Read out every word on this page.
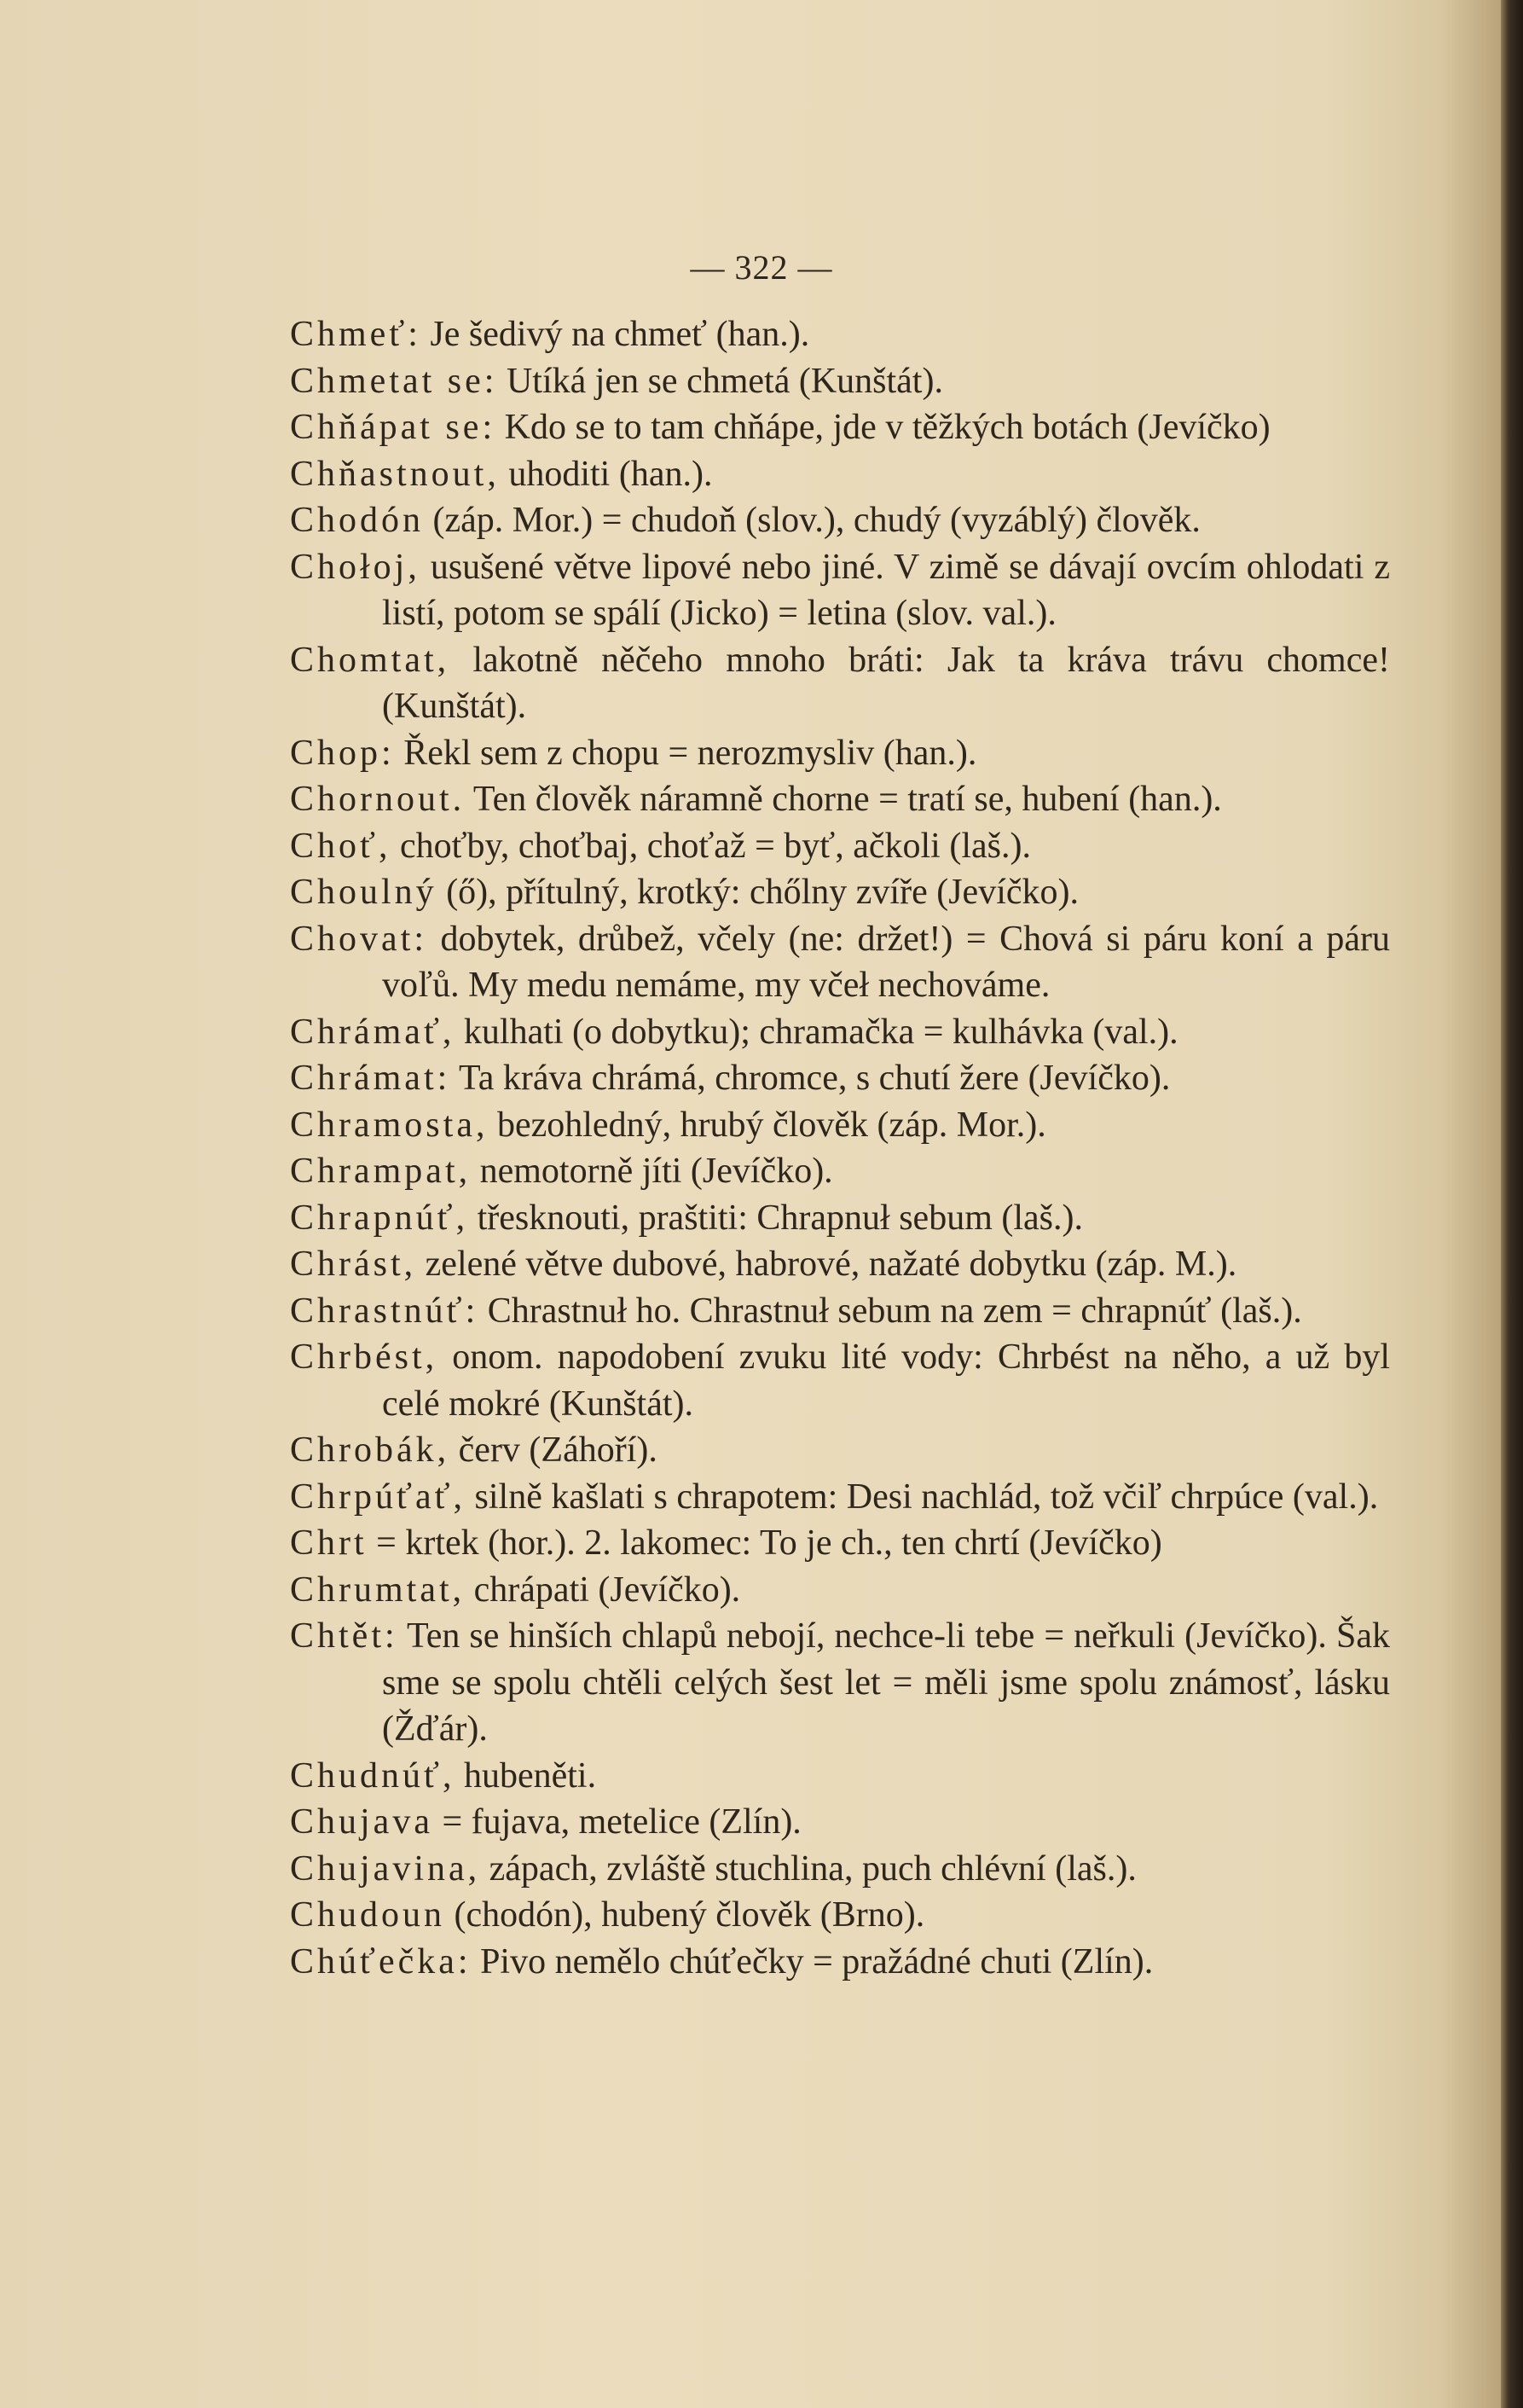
— 322 —
Chmeť: Je šedivý na chmeť (han.).
Chmetat se: Utíká jen se chmetá (Kunštát).
Chňápat se: Kdo se to tam chňápe, jde v těžkých botách (Jevíčko)
Chňastnout, uhoditi (han.).
Chodón (záp. Mor.) = chudoň (slov.), chudý (vyzáblý) člověk.
Chołoj, usušené větve lipové nebo jiné. V zimě se dávají ovcím ohlodati z listí, potom se spálí (Jicko) = letina (slov. val.).
Chomtat, lakotně něčeho mnoho bráti: Jak ta kráva trávu chomce! (Kunštát).
Chop: Řekl sem z chopu = nerozmysliv (han.).
Chornout. Ten člověk náramně chorne = tratí se, hubení (han.).
Choť, choťby, choťbaj, choťaž = byť, ačkoli (laš.).
Choulný (ő), přítulný, krotký: chőlny zvíře (Jevíčko).
Chovat: dobytek, drůbež, včely (ne: držet!) = Chová si páru koní a páru voľů. My medu nemáme, my včeł nechováme.
Chrámať, kulhati (o dobytku); chramačka = kulhávka (val.).
Chrámat: Ta kráva chrámá, chromce, s chutí žere (Jevíčko).
Chramosta, bezohledný, hrubý člověk (záp. Mor.).
Chrampat, nemotorně jíti (Jevíčko).
Chrapnúť, třesknouti, praštiti: Chrapnuł sebum (laš.).
Chrást, zelené větve dubové, habrové, nažaté dobytku (záp. M.).
Chrastnúť: Chrastnuł ho. Chrastnuł sebum na zem = chrapnúť (laš.).
Chrbést, onom. napodobení zvuku lité vody: Chrbést na něho, a už byl celé mokré (Kunštát).
Chrobák, červ (Záhoří).
Chrpúťať, silně kašlati s chrapotem: Desi nachlád, tož včiľ chrpúce (val.).
Chrt = krtek (hor.). 2. lakomec: To je ch., ten chrtí (Jevíčko)
Chrumtat, chrápati (Jevíčko).
Chtět: Ten se hinších chlapů nebojí, nechce-li tebe = neřkuli (Jevíčko). Šak sme se spolu chtěli celých šest let = měli jsme spolu známosť, lásku (Žďár).
Chudnúť, hubeněti.
Chujava = fujava, metelice (Zlín).
Chujavina, zápach, zvláště stuchlina, puch chlévní (laš.).
Chudoun (chodón), hubený člověk (Brno).
Chúťečka: Pivo nemělo chúťečky = pražádné chuti (Zlín).
